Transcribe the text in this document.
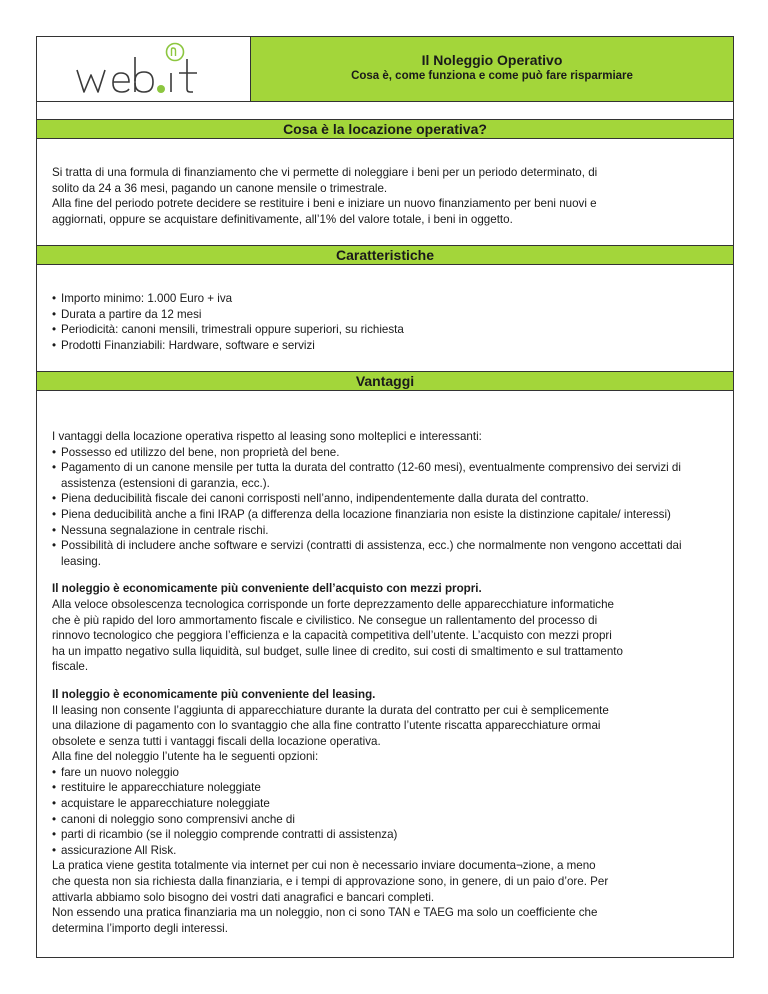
Il Noleggio Operativo
Cosa è, come funziona e come può fare risparmiare
Cosa è la locazione operativa?

Si tratta di una formula di finanziamento che vi permette di noleggiare i beni per un periodo determinato, di

solito da 24 a 36 mesi, pagando un canone mensile o trimestrale.

Alla fine del periodo potrete decidere se restituire i beni e iniziare un nuovo finanziamento per beni nuovi e

aggiornati, oppure se acquistare definitivamente, all’1% del valore totale, i beni in oggetto.

Caratteristiche
• Importo minimo: 1.000 Euro + iva
• Durata a partire da 12 mesi
• Periodicità: canoni mensili, trimestrali oppure superiori, su richiesta
• Prodotti Finanziabili: Hardware, software e servizi
Vantaggi

I vantaggi della locazione operativa rispetto al leasing sono molteplici e interessanti:

• Possesso ed utilizzo del bene, non proprietà del bene.
• Pagamento di un canone mensile per tutta la durata del contratto (12-60 mesi), eventualmente comprensivo dei servizi di assistenza (estensioni di garanzia, ecc.).
• Piena deducibilità fiscale dei canoni corrisposti nell’anno, indipendentemente dalla durata del contratto.
• Piena deducibilità anche a fini IRAP (a differenza della locazione finanziaria non esiste la distinzione capitale/ interessi)
• Nessuna segnalazione in centrale rischi.
• Possibilità di includere anche software e servizi (contratti di assistenza, ecc.) che normalmente non vengono accettati dai leasing.

Il noleggio è economicamente più conveniente dell’acquisto con mezzi propri.

Alla veloce obsolescenza tecnologica corrisponde un forte deprezzamento delle apparecchiature informatiche

che è più rapido del loro ammortamento fiscale e civilistico. Ne consegue un rallentamento del processo di

rinnovo tecnologico che peggiora l’efficienza e la capacità competitiva dell’utente. L’acquisto con mezzi propri

ha un impatto negativo sulla liquidità, sul budget, sulle linee di credito, sui costi di smaltimento e sul trattamento

fiscale.

Il noleggio è economicamente più conveniente del leasing.

Il leasing non consente l’aggiunta di apparecchiature durante la durata del contratto per cui è semplicemente

una dilazione di pagamento con lo svantaggio che alla fine contratto l’utente riscatta apparecchiature ormai

obsolete e senza tutti i vantaggi fiscali della locazione operativa.

Alla fine del noleggio l’utente ha le seguenti opzioni:

• fare un nuovo noleggio
• restituire le apparecchiature noleggiate
• acquistare le apparecchiature noleggiate
• canoni di noleggio sono comprensivi anche di
• parti di ricambio (se il noleggio comprende contratti di assistenza)
• assicurazione All Risk.

La pratica viene gestita totalmente via internet per cui non è necessario inviare documenta¬zione, a meno

che questa non sia richiesta dalla finanziaria, e i tempi di approvazione sono, in genere, di un paio d’ore. Per

attivarla abbiamo solo bisogno dei vostri dati anagrafici e bancari completi.

Non essendo una pratica finanziaria ma un noleggio, non ci sono TAN e TAEG ma solo un coefficiente che

determina l’importo degli interessi.
